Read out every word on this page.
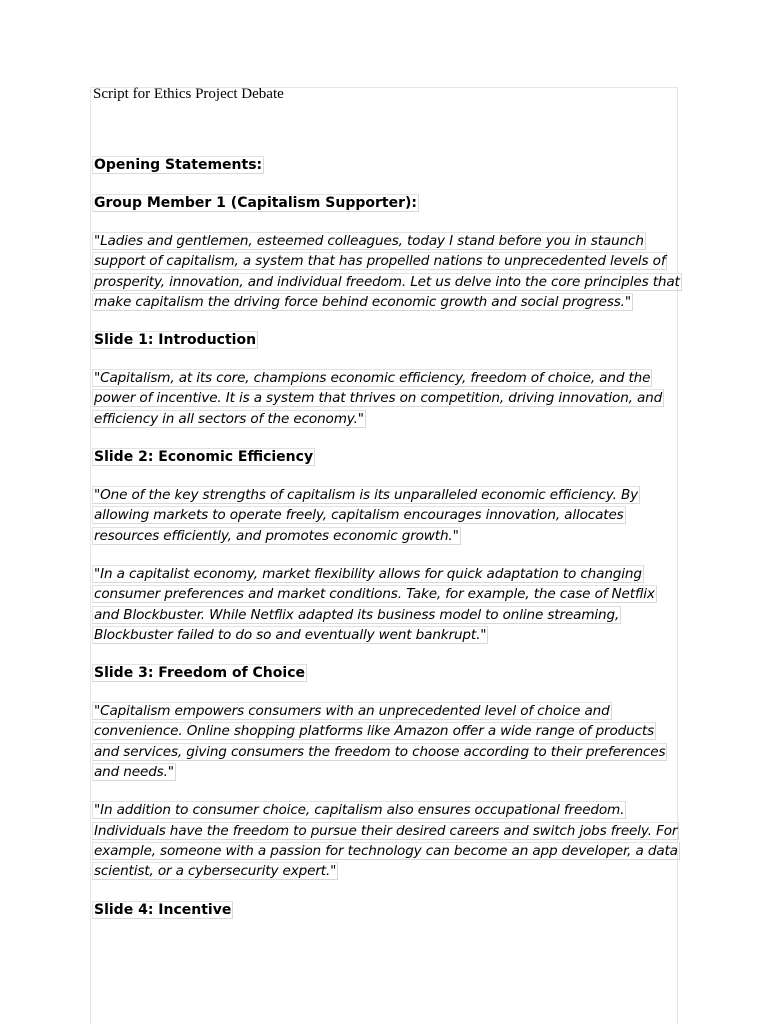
Script for Ethics Project Debate
Opening Statements:
Group Member 1 (Capitalism Supporter):
"Ladies and gentlemen, esteemed colleagues, today I stand before you in staunch support of capitalism, a system that has propelled nations to unprecedented levels of prosperity, innovation, and individual freedom. Let us delve into the core principles that make capitalism the driving force behind economic growth and social progress."
Slide 1: Introduction
"Capitalism, at its core, champions economic efficiency, freedom of choice, and the power of incentive. It is a system that thrives on competition, driving innovation, and efficiency in all sectors of the economy."
Slide 2: Economic Efficiency
"One of the key strengths of capitalism is its unparalleled economic efficiency. By allowing markets to operate freely, capitalism encourages innovation, allocates resources efficiently, and promotes economic growth."
"In a capitalist economy, market flexibility allows for quick adaptation to changing consumer preferences and market conditions. Take, for example, the case of Netflix and Blockbuster. While Netflix adapted its business model to online streaming, Blockbuster failed to do so and eventually went bankrupt."
Slide 3: Freedom of Choice
"Capitalism empowers consumers with an unprecedented level of choice and convenience. Online shopping platforms like Amazon offer a wide range of products and services, giving consumers the freedom to choose according to their preferences and needs."
"In addition to consumer choice, capitalism also ensures occupational freedom. Individuals have the freedom to pursue their desired careers and switch jobs freely. For example, someone with a passion for technology can become an app developer, a data scientist, or a cybersecurity expert."
Slide 4: Incentive
